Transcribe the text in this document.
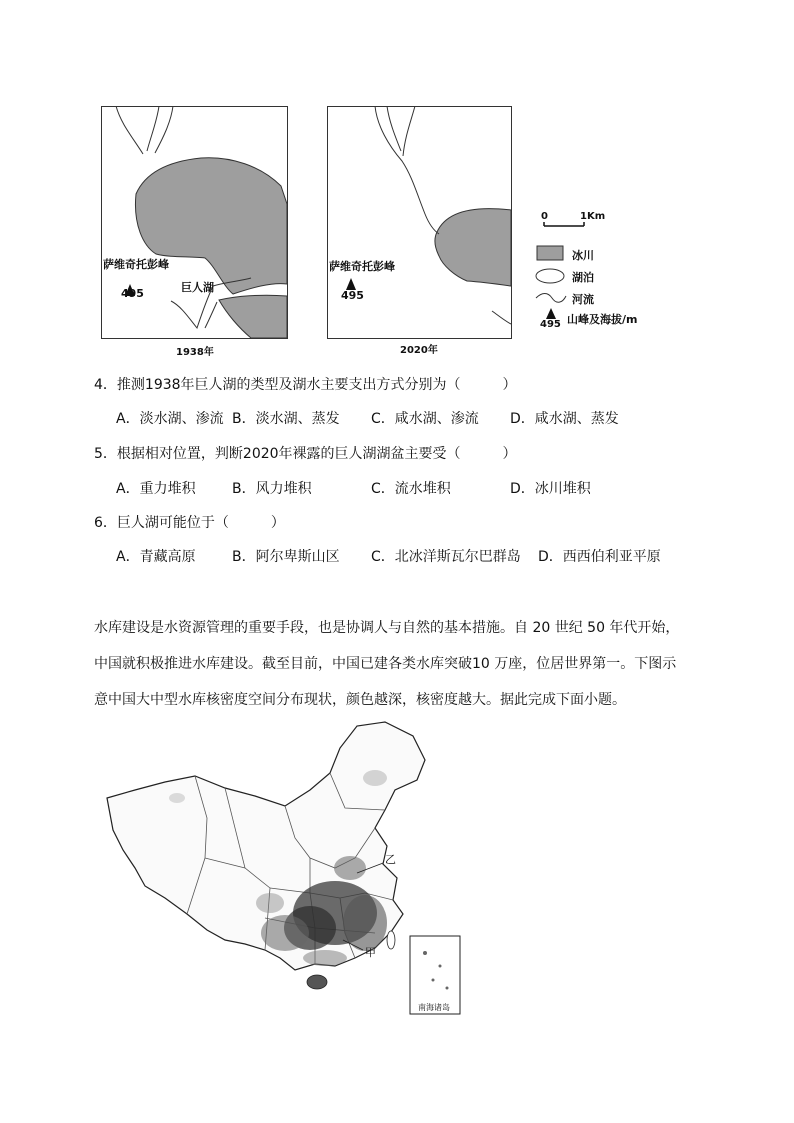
萨维奇托彭峰
495	巨人湖
1938年
萨维奇托彭峰
495
2020年
0	1Km
冰川
湖泊
河流
山峰及海拔/m
495
4．推测1938年巨人湖的类型及湖水主要支出方式分别为（　　　）
A．淡水湖、渗流 B．淡水湖、蒸发 C．咸水湖、渗流 D．咸水湖、蒸发
5．根据相对位置，判断2020年裸露的巨人湖湖盆主要受（　　　）
A．重力堆积	B．风力堆积	C．流水堆积	D．冰川堆积
6．巨人湖可能位于（　　　）
A．青藏高原	B．阿尔卑斯山区 C．北冰洋斯瓦尔巴群岛 D．西西伯利亚平原
水库建设是水资源管理的重要手段，也是协调人与自然的基本措施。自 20 世纪 50 年代开始，
中国就积极推进水库建设。截至目前，中国已建各类水库突破10 万座，位居世界第一。下图示
意中国大中型水库核密度空间分布现状，颜色越深，核密度越大。据此完成下面小题。
乙
甲
南海诸岛
